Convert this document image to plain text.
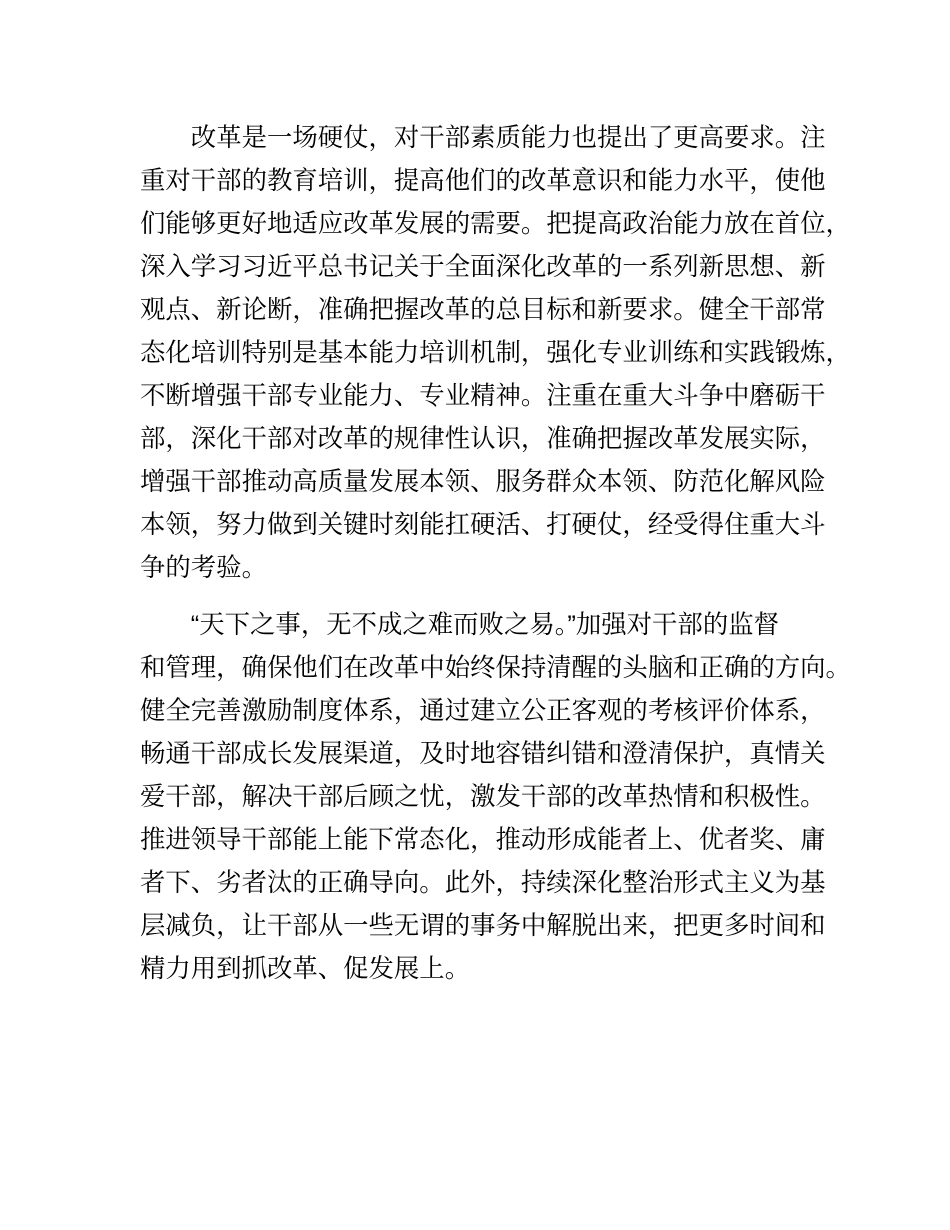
改革是一场硬仗，对干部素质能力也提出了更高要求。注
重对干部的教育培训，提高他们的改革意识和能力水平，使他
们能够更好地适应改革发展的需要。把提高政治能力放在首位，
深入学习习近平总书记关于全面深化改革的一系列新思想、新
观点、新论断，准确把握改革的总目标和新要求。健全干部常
态化培训特别是基本能力培训机制，强化专业训练和实践锻炼，
不断增强干部专业能力、专业精神。注重在重大斗争中磨砺干
部，深化干部对改革的规律性认识，准确把握改革发展实际，
增强干部推动高质量发展本领、服务群众本领、防范化解风险
本领，努力做到关键时刻能扛硬活、打硬仗，经受得住重大斗
争的考验。
“天下之事，无不成之难而败之易。”加强对干部的监督
和管理，确保他们在改革中始终保持清醒的头脑和正确的方向。
健全完善激励制度体系，通过建立公正客观的考核评价体系，
畅通干部成长发展渠道，及时地容错纠错和澄清保护，真情关
爱干部，解决干部后顾之忧，激发干部的改革热情和积极性。
推进领导干部能上能下常态化，推动形成能者上、优者奖、庸
者下、劣者汰的正确导向。此外，持续深化整治形式主义为基
层减负，让干部从一些无谓的事务中解脱出来，把更多时间和
精力用到抓改革、促发展上。
